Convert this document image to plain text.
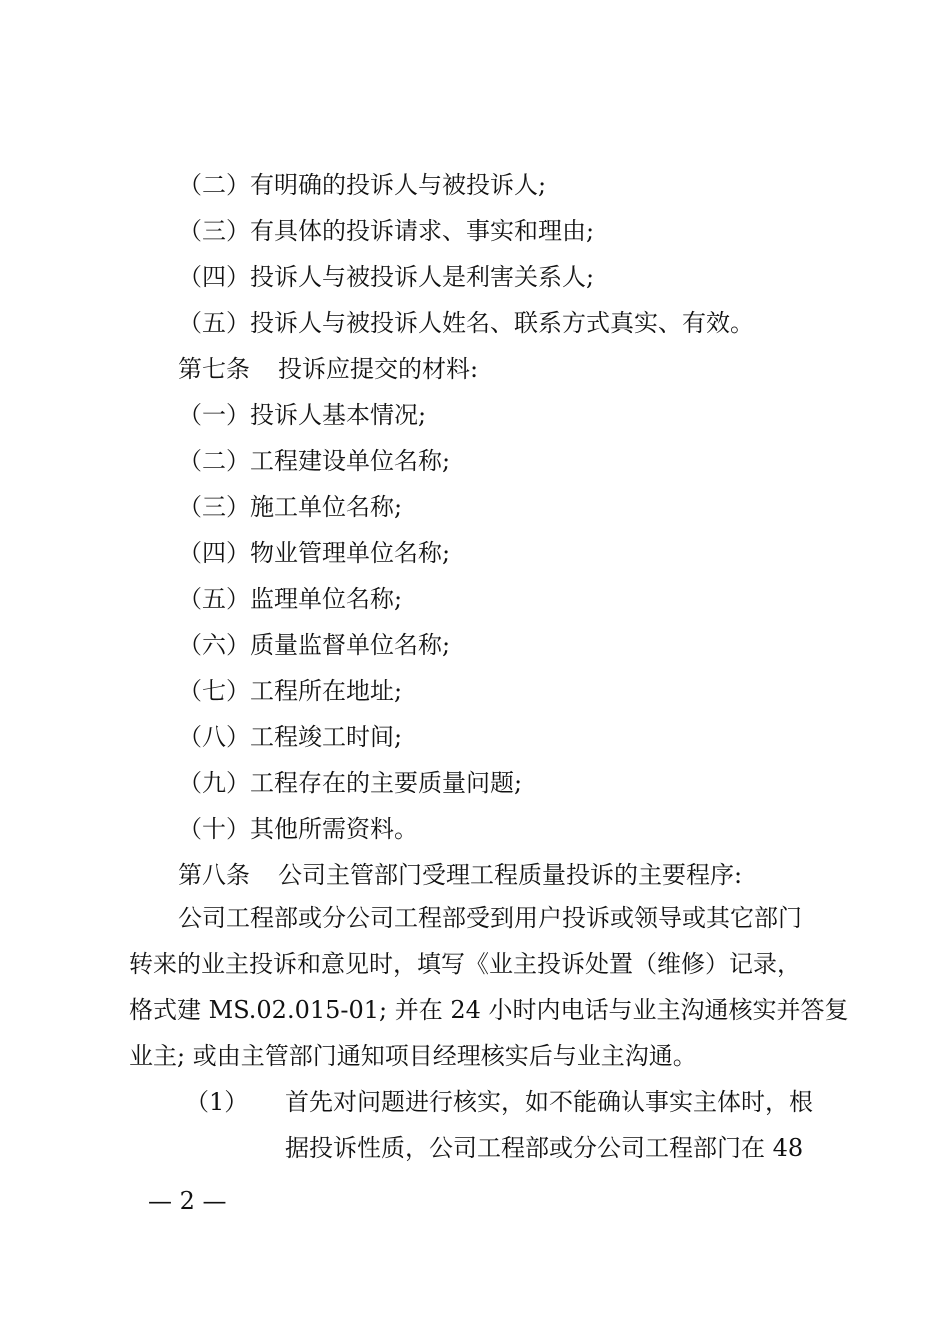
（二）有明确的投诉人与被投诉人;
（三）有具体的投诉请求、事实和理由;
（四）投诉人与被投诉人是利害关系人;
（五）投诉人与被投诉人姓名、联系方式真实、有效。
第七条 投诉应提交的材料:
（一）投诉人基本情况;
（二）工程建设单位名称;
（三）施工单位名称;
（四）物业管理单位名称;
（五）监理单位名称;
（六）质量监督单位名称;
（七）工程所在地址;
（八）工程竣工时间;
（九）工程存在的主要质量问题;
（十）其他所需资料。
第八条 公司主管部门受理工程质量投诉的主要程序:
公司工程部或分公司工程部受到用户投诉或领导或其它部门
转来的业主投诉和意见时，填写《业主投诉处置（维修）记录，
格式建 MS.02.015-01; 并在 24 小时内电话与业主沟通核实并答复
业主; 或由主管部门通知项目经理核实后与业主沟通。
（1） 首先对问题进行核实，如不能确认事实主体时，根
据投诉性质，公司工程部或分公司工程部门在 48
— 2 —
